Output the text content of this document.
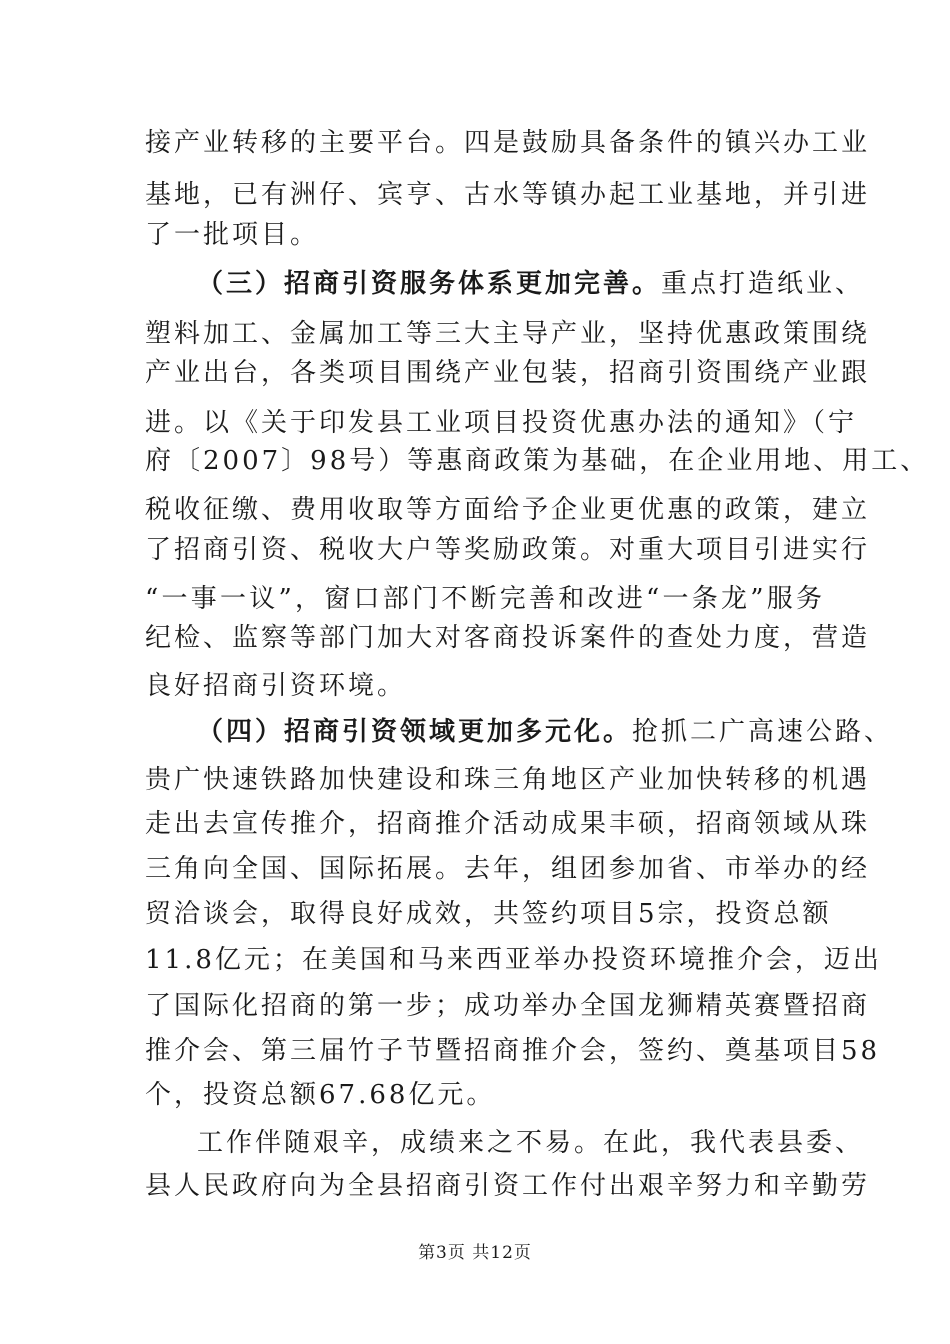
接产业转移的主要平台。四是鼓励具备条件的镇兴办工业
基地，已有洲仔、宾亨、古水等镇办起工业基地，并引进
了一批项目。
（三）招商引资服务体系更加完善。重点打造纸业、
塑料加工、金属加工等三大主导产业，坚持优惠政策围绕
产业出台，各类项目围绕产业包装，招商引资围绕产业跟
进。以《关于印发县工业项目投资优惠办法的通知》（宁
府〔2007〕98号）等惠商政策为基础，在企业用地、用工、
税收征缴、费用收取等方面给予企业更优惠的政策，建立
了招商引资、税收大户等奖励政策。对重大项目引进实行
“一事一议”，窗口部门不断完善和改进“一条龙”服务
纪检、监察等部门加大对客商投诉案件的查处力度，营造
良好招商引资环境。
（四）招商引资领域更加多元化。抢抓二广高速公路、
贵广快速铁路加快建设和珠三角地区产业加快转移的机遇
走出去宣传推介，招商推介活动成果丰硕，招商领域从珠
三角向全国、国际拓展。去年，组团参加省、市举办的经
贸洽谈会，取得良好成效，共签约项目5宗，投资总额
11.8亿元；在美国和马来西亚举办投资环境推介会，迈出
了国际化招商的第一步；成功举办全国龙狮精英赛暨招商
推介会、第三届竹子节暨招商推介会，签约、奠基项目58
个，投资总额67.68亿元。
工作伴随艰辛，成绩来之不易。在此，我代表县委、
县人民政府向为全县招商引资工作付出艰辛努力和辛勤劳
第3页 共12页
